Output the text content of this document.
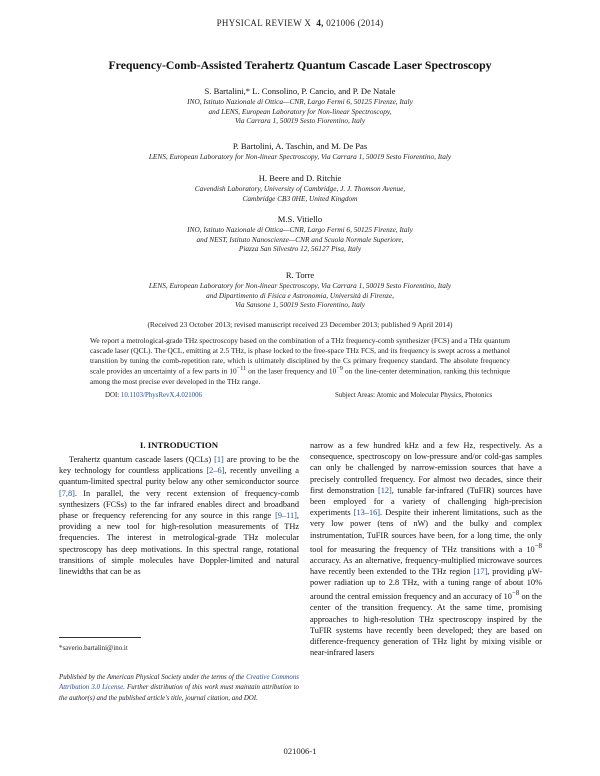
PHYSICAL REVIEW X 4, 021006 (2014)
Frequency-Comb-Assisted Terahertz Quantum Cascade Laser Spectroscopy
S. Bartalini,* L. Consolino, P. Cancio, and P. De Natale
INO, Istituto Nazionale di Ottica—CNR, Largo Fermi 6, 50125 Firenze, Italy
and LENS, European Laboratory for Non-linear Spectroscopy,
Via Carrara 1, 50019 Sesto Fiorentino, Italy
P. Bartolini, A. Taschin, and M. De Pas
LENS, European Laboratory for Non-linear Spectroscopy, Via Carrara 1, 50019 Sesto Fiorentino, Italy
H. Beere and D. Ritchie
Cavendish Laboratory, University of Cambridge, J. J. Thomson Avenue,
Cambridge CB3 0HE, United Kingdom
M.S. Vitiello
INO, Istituto Nazionale di Ottica—CNR, Largo Fermi 6, 50125 Firenze, Italy
and NEST, Istituto Nanoscienze—CNR and Scuola Normale Superiore,
Piazza San Silvestro 12, 56127 Pisa, Italy
R. Torre
LENS, European Laboratory for Non-linear Spectroscopy, Via Carrara 1, 50019 Sesto Fiorentino, Italy
and Dipartimento di Fisica e Astronomia, Università di Firenze,
Via Sansone 1, 50019 Sesto Fiorentino, Italy
(Received 23 October 2013; revised manuscript received 23 December 2013; published 9 April 2014)
We report a metrological-grade THz spectroscopy based on the combination of a THz frequency-comb synthesizer (FCS) and a THz quantum cascade laser (QCL). The QCL, emitting at 2.5 THz, is phase locked to the free-space THz FCS, and its frequency is swept across a methanol transition by tuning the comb-repetition rate, which is ultimately disciplined by the Cs primary frequency standard. The absolute frequency scale provides an uncertainty of a few parts in $10^{-11}$ on the laser frequency and $10^{-9}$ on the line-center determination, ranking this technique among the most precise ever developed in the THz range.
DOI: 10.1103/PhysRevX.4.021006	Subject Areas: Atomic and Molecular Physics, Photonics
I. INTRODUCTION
Terahertz quantum cascade lasers (QCLs) [1] are proving to be the key technology for countless applications [2–6], recently unveiling a quantum-limited spectral purity below any other semiconductor source [7,8]. In parallel, the very recent extension of frequency-comb synthesizers (FCSs) to the far infrared enables direct and broadband phase or frequency referencing for any source in this range [9–11], providing a new tool for high-resolution measurements of THz frequencies. The interest in metrological-grade THz molecular spectroscopy has deep motivations. In this spectral range, rotational transitions of simple molecules have Doppler-limited and natural linewidths that can be as
narrow as a few hundred kHz and a few Hz, respectively. As a consequence, spectroscopy on low-pressure and/or cold-gas samples can only be challenged by narrow-emission sources that have a precisely controlled frequency. For almost two decades, since their first demonstration [12], tunable far-infrared (TuFIR) sources have been employed for a variety of challenging high-precision experiments [13–16]. Despite their inherent limitations, such as the very low power (tens of nW) and the bulky and complex instrumentation, TuFIR sources have been, for a long time, the only tool for measuring the frequency of THz transitions with a $10^{-8}$ accuracy. As an alternative, frequency-multiplied microwave sources have recently been extended to the THz region [17], providing μW-power radiation up to 2.8 THz, with a tuning range of about 10% around the central emission frequency and an accuracy of $10^{-8}$ on the center of the transition frequency. At the same time, promising approaches to high-resolution THz spectroscopy inspired by the TuFIR systems have recently been developed; they are based on difference-frequency generation of THz light by mixing visible or near-infrared lasers
*saverio.bartalini@ino.it
Published by the American Physical Society under the terms of the Creative Commons Attribution 3.0 License. Further distribution of this work must maintain attribution to the author(s) and the published article's title, journal citation, and DOI.
021006-1
